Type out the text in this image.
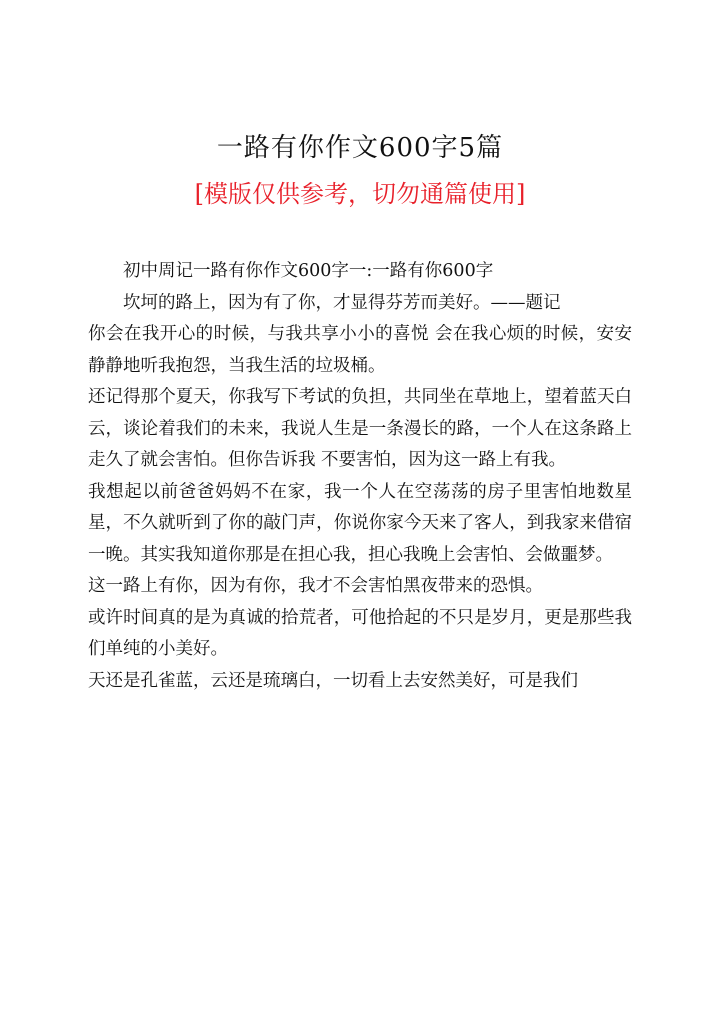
一路有你作文600字5篇
[模版仅供参考，切勿通篇使用]

初中周记一路有你作文600字一:一路有你600字

坎坷的路上，因为有了你，才显得芬芳而美好。——题记

你会在我开心的时候，与我共享小小的喜悦 会在我心烦的时候，安安静静地听我抱怨，当我生活的垃圾桶。

还记得那个夏天，你我写下考试的负担，共同坐在草地上，望着蓝天白云，谈论着我们的未来，我说人生是一条漫长的路，一个人在这条路上走久了就会害怕。但你告诉我 不要害怕，因为这一路上有我。

我想起以前爸爸妈妈不在家，我一个人在空荡荡的房子里害怕地数星星，不久就听到了你的敲门声，你说你家今天来了客人，到我家来借宿一晚。其实我知道你那是在担心我，担心我晚上会害怕、会做噩梦。

这一路上有你，因为有你，我才不会害怕黑夜带来的恐惧。

或许时间真的是为真诚的拾荒者，可他拾起的不只是岁月，更是那些我们单纯的小美好。

天还是孔雀蓝，云还是琉璃白，一切看上去安然美好，可是我们
